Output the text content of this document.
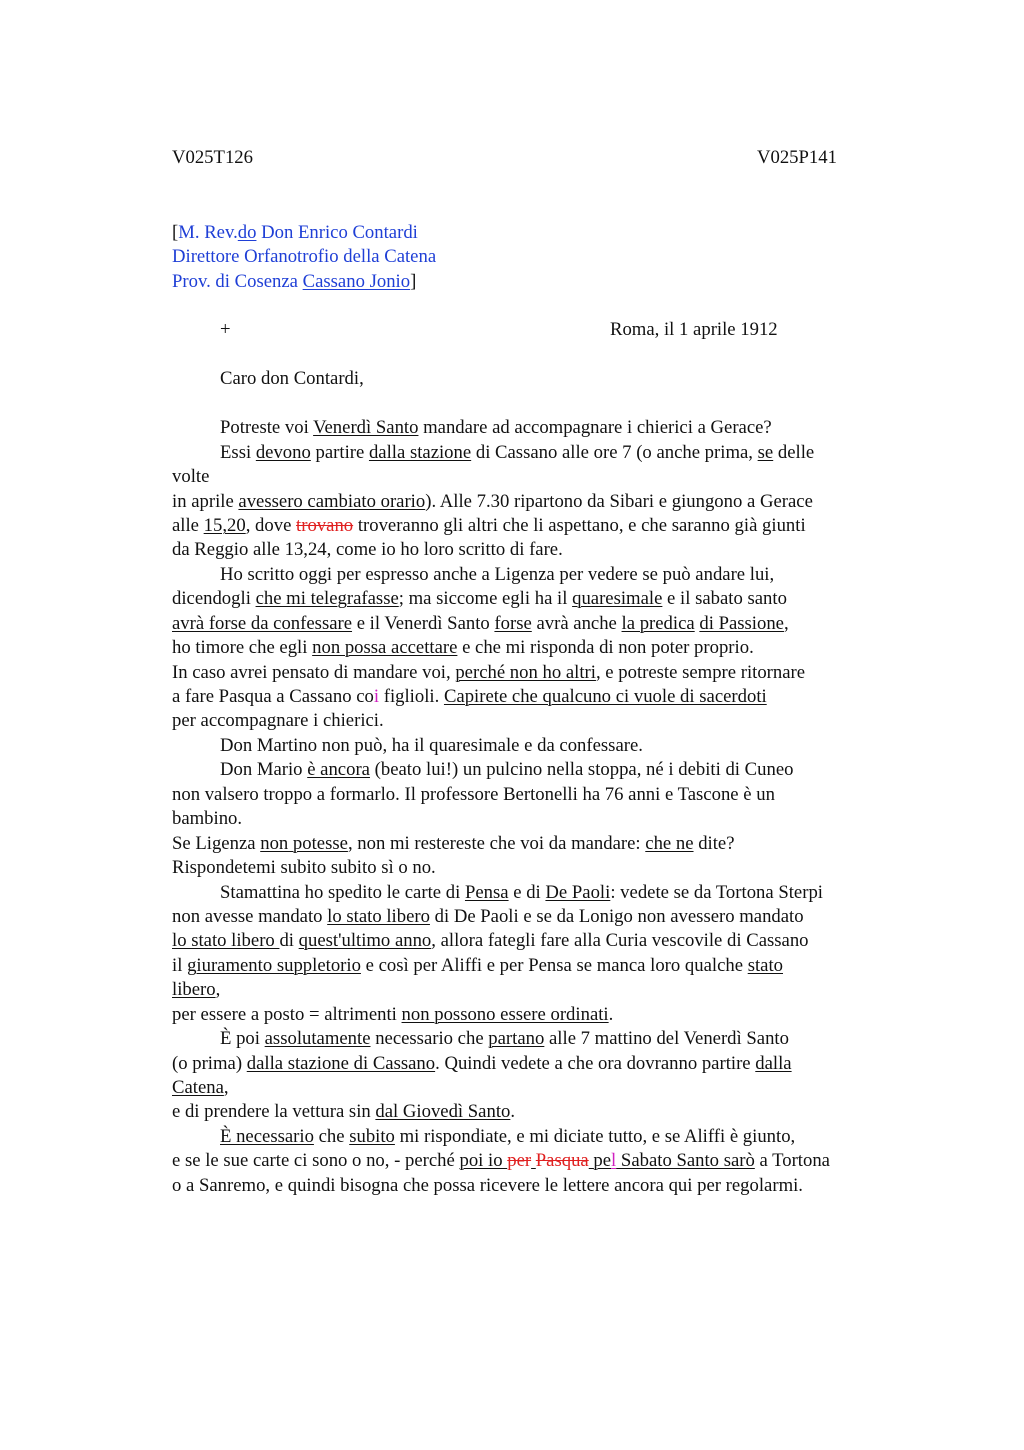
V025T126	V025P141
[M. Rev.do Don Enrico Contardi
Direttore Orfanotrofio della Catena
Prov. di Cosenza Cassano Jonio]
+	Roma, il 1 aprile 1912
Caro don Contardi,
Potreste voi Venerdì Santo mandare ad accompagnare i chierici a Gerace?
Essi devono partire dalla stazione di Cassano alle ore 7 (o anche prima, se delle
volte
in aprile avessero cambiato orario). Alle 7.30 ripartono da Sibari e giungono a Gerace
alle 15,20, dove trovano troveranno gli altri che li aspettano, e che saranno già giunti
da Reggio alle 13,24, come io ho loro scritto di fare.
Ho scritto oggi per espresso anche a Ligenza per vedere se può andare lui,
dicendogli che mi telegrafasse; ma siccome egli ha il quaresimale e il sabato santo
avrà forse da confessare e il Venerdì Santo forse avrà anche la predica di Passione,
ho timore che egli non possa accettare e che mi risponda di non poter proprio.
In caso avrei pensato di mandare voi, perché non ho altri, e potreste sempre ritornare
a fare Pasqua a Cassano coi figlioli. Capirete che qualcuno ci vuole di sacerdoti
per accompagnare i chierici.
Don Martino non può, ha il quaresimale e da confessare.
Don Mario è ancora (beato lui!) un pulcino nella stoppa, né i debiti di Cuneo
non valsero troppo a formarlo. Il professore Bertonelli ha 76 anni e Tascone è un
bambino.
Se Ligenza non potesse, non mi restereste che voi da mandare: che ne dite?
Rispondetemi subito subito sì o no.
Stamattina ho spedito le carte di Pensa e di De Paoli: vedete se da Tortona Sterpi
non avesse mandato lo stato libero di De Paoli e se da Lonigo non avessero mandato
lo stato libero di quest'ultimo anno, allora fategli fare alla Curia vescovile di Cassano
il giuramento suppletorio e così per Aliffi e per Pensa se manca loro qualche stato
libero,
per essere a posto = altrimenti non possono essere ordinati.
È poi assolutamente necessario che partano alle 7 mattino del Venerdì Santo
(o prima) dalla stazione di Cassano. Quindi vedete a che ora dovranno partire dalla
Catena,
e di prendere la vettura sin dal Giovedì Santo.
È necessario che subito mi rispondiate, e mi diciate tutto, e se Aliffi è giunto,
e se le sue carte ci sono o no, - perché poi io per Pasqua pel Sabato Santo sarò a Tortona
o a Sanremo, e quindi bisogna che possa ricevere le lettere ancora qui per regolarmi.
